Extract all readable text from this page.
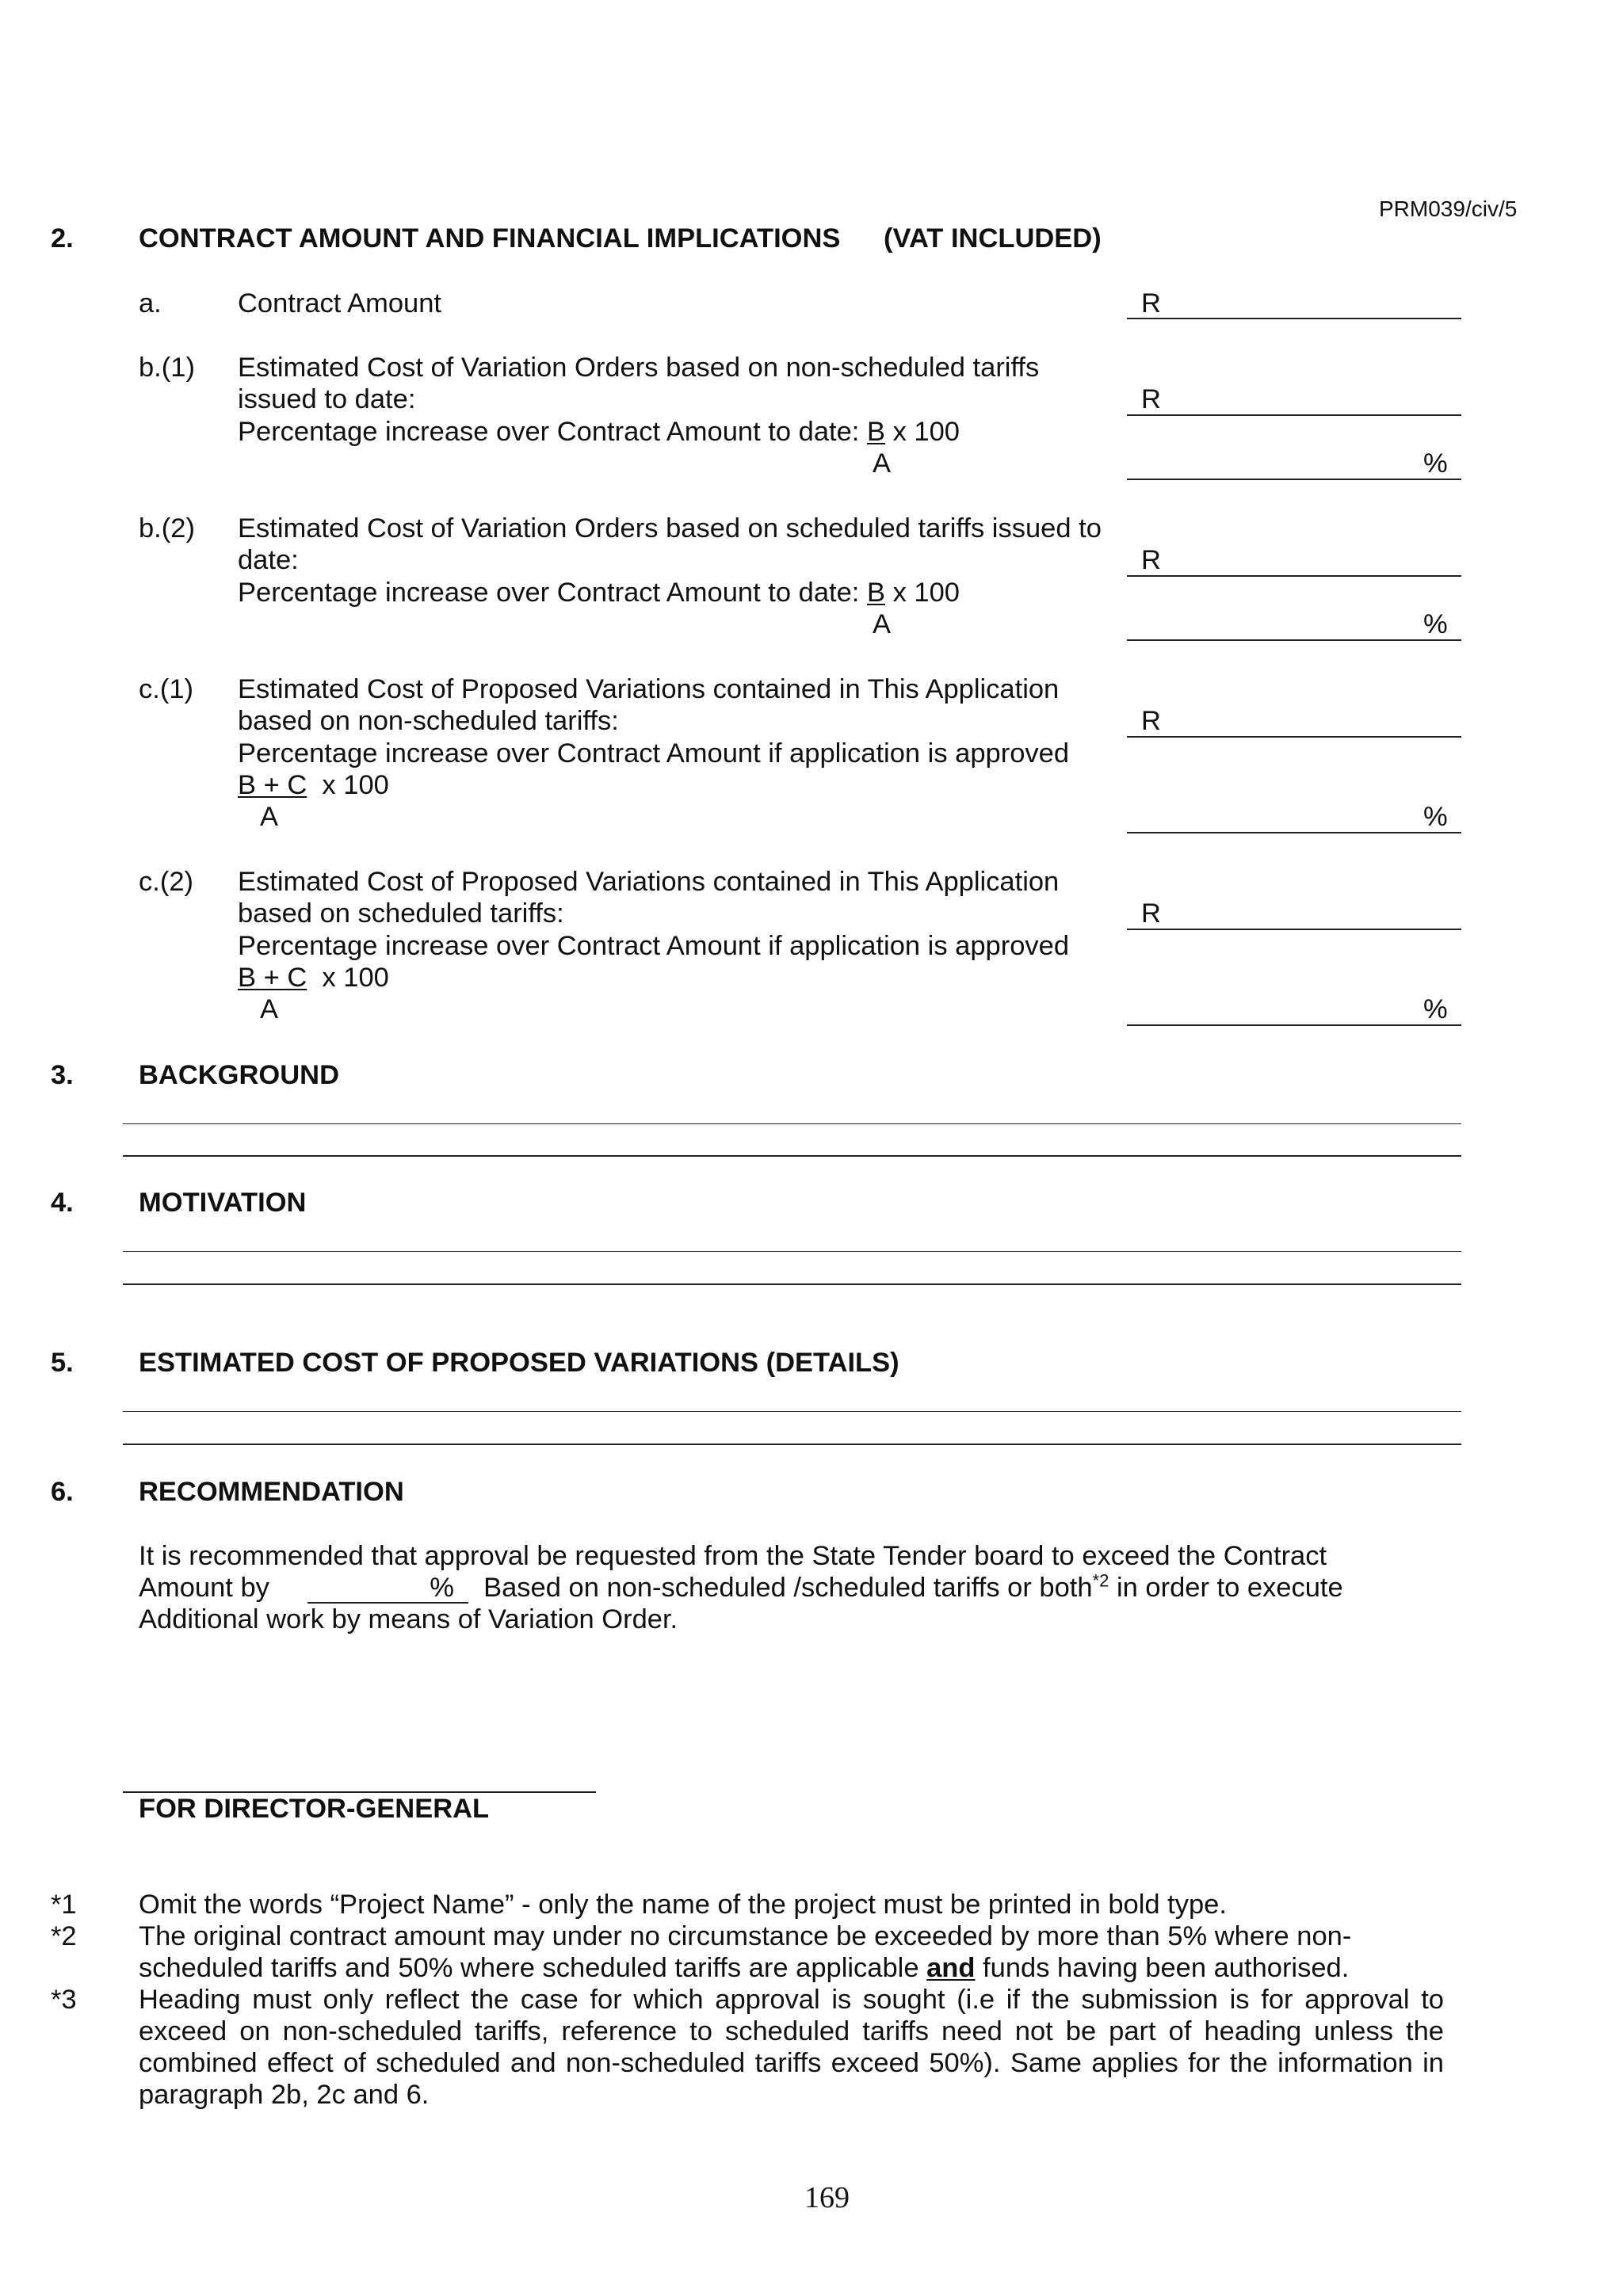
PRM039/civ/5
2. CONTRACT AMOUNT AND FINANCIAL IMPLICATIONS (VAT INCLUDED)
a.	Contract Amount	R
b.(1) Estimated Cost of Variation Orders based on non-scheduled tariffs
issued to date:	R
Percentage increase over Contract Amount to date: B x 100
A	%
b.(2) Estimated Cost of Variation Orders based on scheduled tariffs issued to
date:	R
Percentage increase over Contract Amount to date: B x 100
A	%
c.(1) Estimated Cost of Proposed Variations contained in This Application
based on non-scheduled tariffs:	R
Percentage increase over Contract Amount if application is approved
B + C x 100
A	%
c.(2) Estimated Cost of Proposed Variations contained in This Application
based on scheduled tariffs:	R
Percentage increase over Contract Amount if application is approved
B + C x 100
A	%
3. BACKGROUND
4. MOTIVATION
5. ESTIMATED COST OF PROPOSED VARIATIONS (DETAILS)
6. RECOMMENDATION
It is recommended that approval be requested from the State Tender board to exceed the Contract
Amount by	% Based on non-scheduled /scheduled tariffs or both$^{*2}$ in order to execute
Additional work by means of Variation Order.
FOR DIRECTOR-GENERAL
*1 Omit the words “Project Name” - only the name of the project must be printed in bold type.
*2 The original contract amount may under no circumstance be exceeded by more than 5% where non-
scheduled tariffs and 50% where scheduled tariffs are applicable and funds having been authorised.
*3 Heading must only reflect the case for which approval is sought (i.e if the submission is for approval to exceed on non-scheduled tariffs, reference to scheduled tariffs need not be part of heading unless the combined effect of scheduled and non-scheduled tariffs exceed 50%). Same applies for the information in paragraph 2b, 2c and 6.
169
